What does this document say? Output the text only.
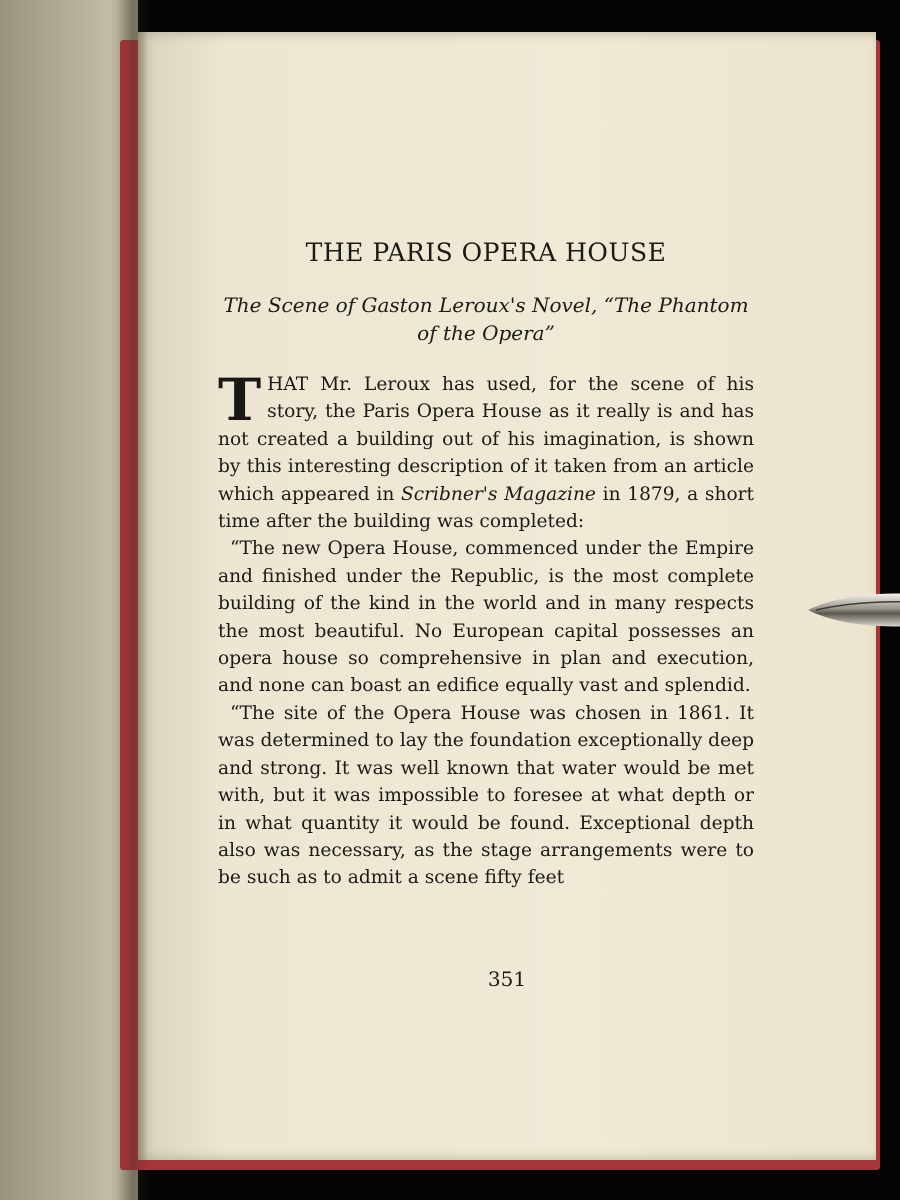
THE PARIS OPERA HOUSE
The Scene of Gaston Leroux's Novel, “The Phantom
of the Opera”

THAT Mr. Leroux has used, for the scene of his story, the Paris Opera House as it really is and has not created a building out of his imagination, is shown by this interesting description of it taken from an article which appeared in Scribner's Magazine in 1879, a short time after the building was completed:

“The new Opera House, commenced under the Empire and finished under the Republic, is the most complete building of the kind in the world and in many respects the most beautiful. No European capital possesses an opera house so comprehensive in plan and execution, and none can boast an edifice equally vast and splendid.

“The site of the Opera House was chosen in 1861. It was determined to lay the foundation exceptionally deep and strong. It was well known that water would be met with, but it was impossible to foresee at what depth or in what quantity it would be found. Exceptional depth also was necessary, as the stage arrangements were to be such as to admit a scene fifty feet

351
